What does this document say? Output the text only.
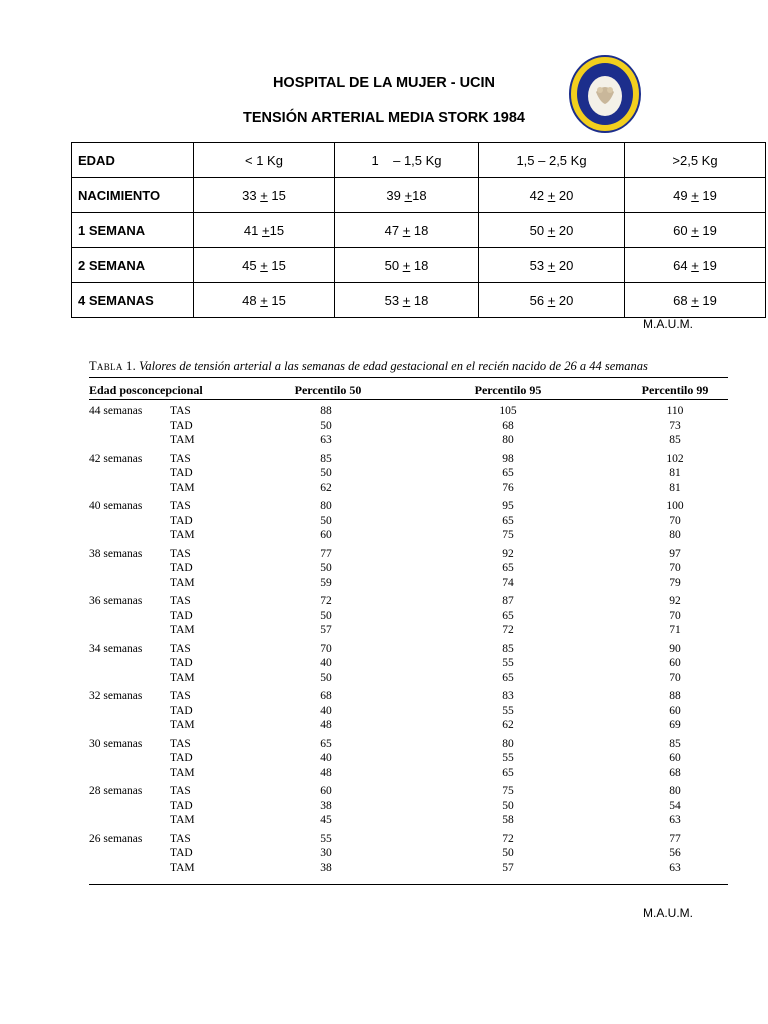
HOSPITAL DE LA MUJER - UCIN
TENSIÓN ARTERIAL MEDIA STORK 1984
EDAD	< 1 Kg	1    – 1,5 Kg	1,5 – 2,5 Kg	>2,5 Kg
NACIMIENTO	33 + 15	39 +18	42 + 20	49 + 19
1 SEMANA	41 +15	47 + 18	50 + 20	60 + 19
2 SEMANA	45 + 15	50 + 18	53 + 20	64 + 19
4 SEMANAS	48 + 15	53 + 18	56 + 20	68 + 19
M.A.U.M.
Tabla 1. Valores de tensión arterial a las semanas de edad gestacional en el recién nacido de 26 a 44 semanas
Edad posconcepcional	Percentilo 50	Percentilo 95	Percentilo 99
44 semanas TAS	88	105	110
TAD	50	68	73
TAM	63	80	85
42 semanas TAS	85	98	102
TAD	50	65	81
TAM	62	76	81
40 semanas TAS	80	95	100
TAD	50	65	70
TAM	60	75	80
38 semanas TAS	77	92	97
TAD	50	65	70
TAM	59	74	79
36 semanas TAS	72	87	92
TAD	50	65	70
TAM	57	72	71
34 semanas TAS	70	85	90
TAD	40	55	60
TAM	50	65	70
32 semanas TAS	68	83	88
TAD	40	55	60
TAM	48	62	69
30 semanas TAS	65	80	85
TAD	40	55	60
TAM	48	65	68
28 semanas TAS	60	75	80
TAD	38	50	54
TAM	45	58	63
26 semanas TAS	55	72	77
TAD	30	50	56
TAM	38	57	63
M.A.U.M.
